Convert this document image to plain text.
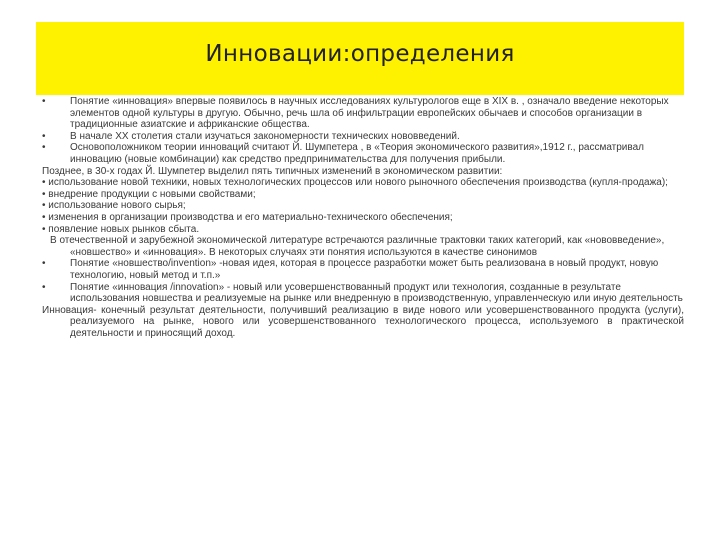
Инновации:определения
• Понятие «инновация» впервые появилось в научных исследованиях культурологов еще в XIX в. , означало введение некоторых элементов одной культуры в другую. Обычно, речь шла об инфильтрации европейских обычаев и способов организации в традиционные азиатские и африканские общества.
• В начале XX столетия стали изучаться закономерности технических нововведений.
• Основоположником теории инноваций считают Й. Шумпетера , в «Теория экономического развития»,1912 г., рассматривал инновацию (новые комбинации) как средство предпринимательства для получения прибыли.
Позднее, в 30-х годах Й. Шумпетер выделил пять типичных изменений в экономическом развитии:
• использование новой техники, новых технологических процессов или нового рыночного обеспечения производства (купля-продажа);
• внедрение продукции с новыми свойствами;
• использование нового сырья;
• изменения в организации производства и его материально-технического обеспечения;
• появление новых рынков сбыта.
В отечественной и зарубежной экономической литературе встречаются различные трактовки таких категорий, как «нововведение», «новшество» и «инновация». В некоторых случаях эти понятия используются в качестве синонимов
• Понятие «новшество/invention» -новая идея, которая в процессе разработки может быть реализована в новый продукт, новую технологию, новый метод и т.п.»
• Понятие «инновация /innovation» - новый или усовершенствованный продукт или технология, созданные в результате использования новшества и реализуемые на рынке или внедренную в производственную, управленческую или иную деятельность
Инновация- конечный результат деятельности, получивший реализацию в виде нового или усовершенствованного продукта (услуги), реализуемого на рынке, нового или усовершенствованного технологического процесса, используемого в практической деятельности и приносящий доход.
